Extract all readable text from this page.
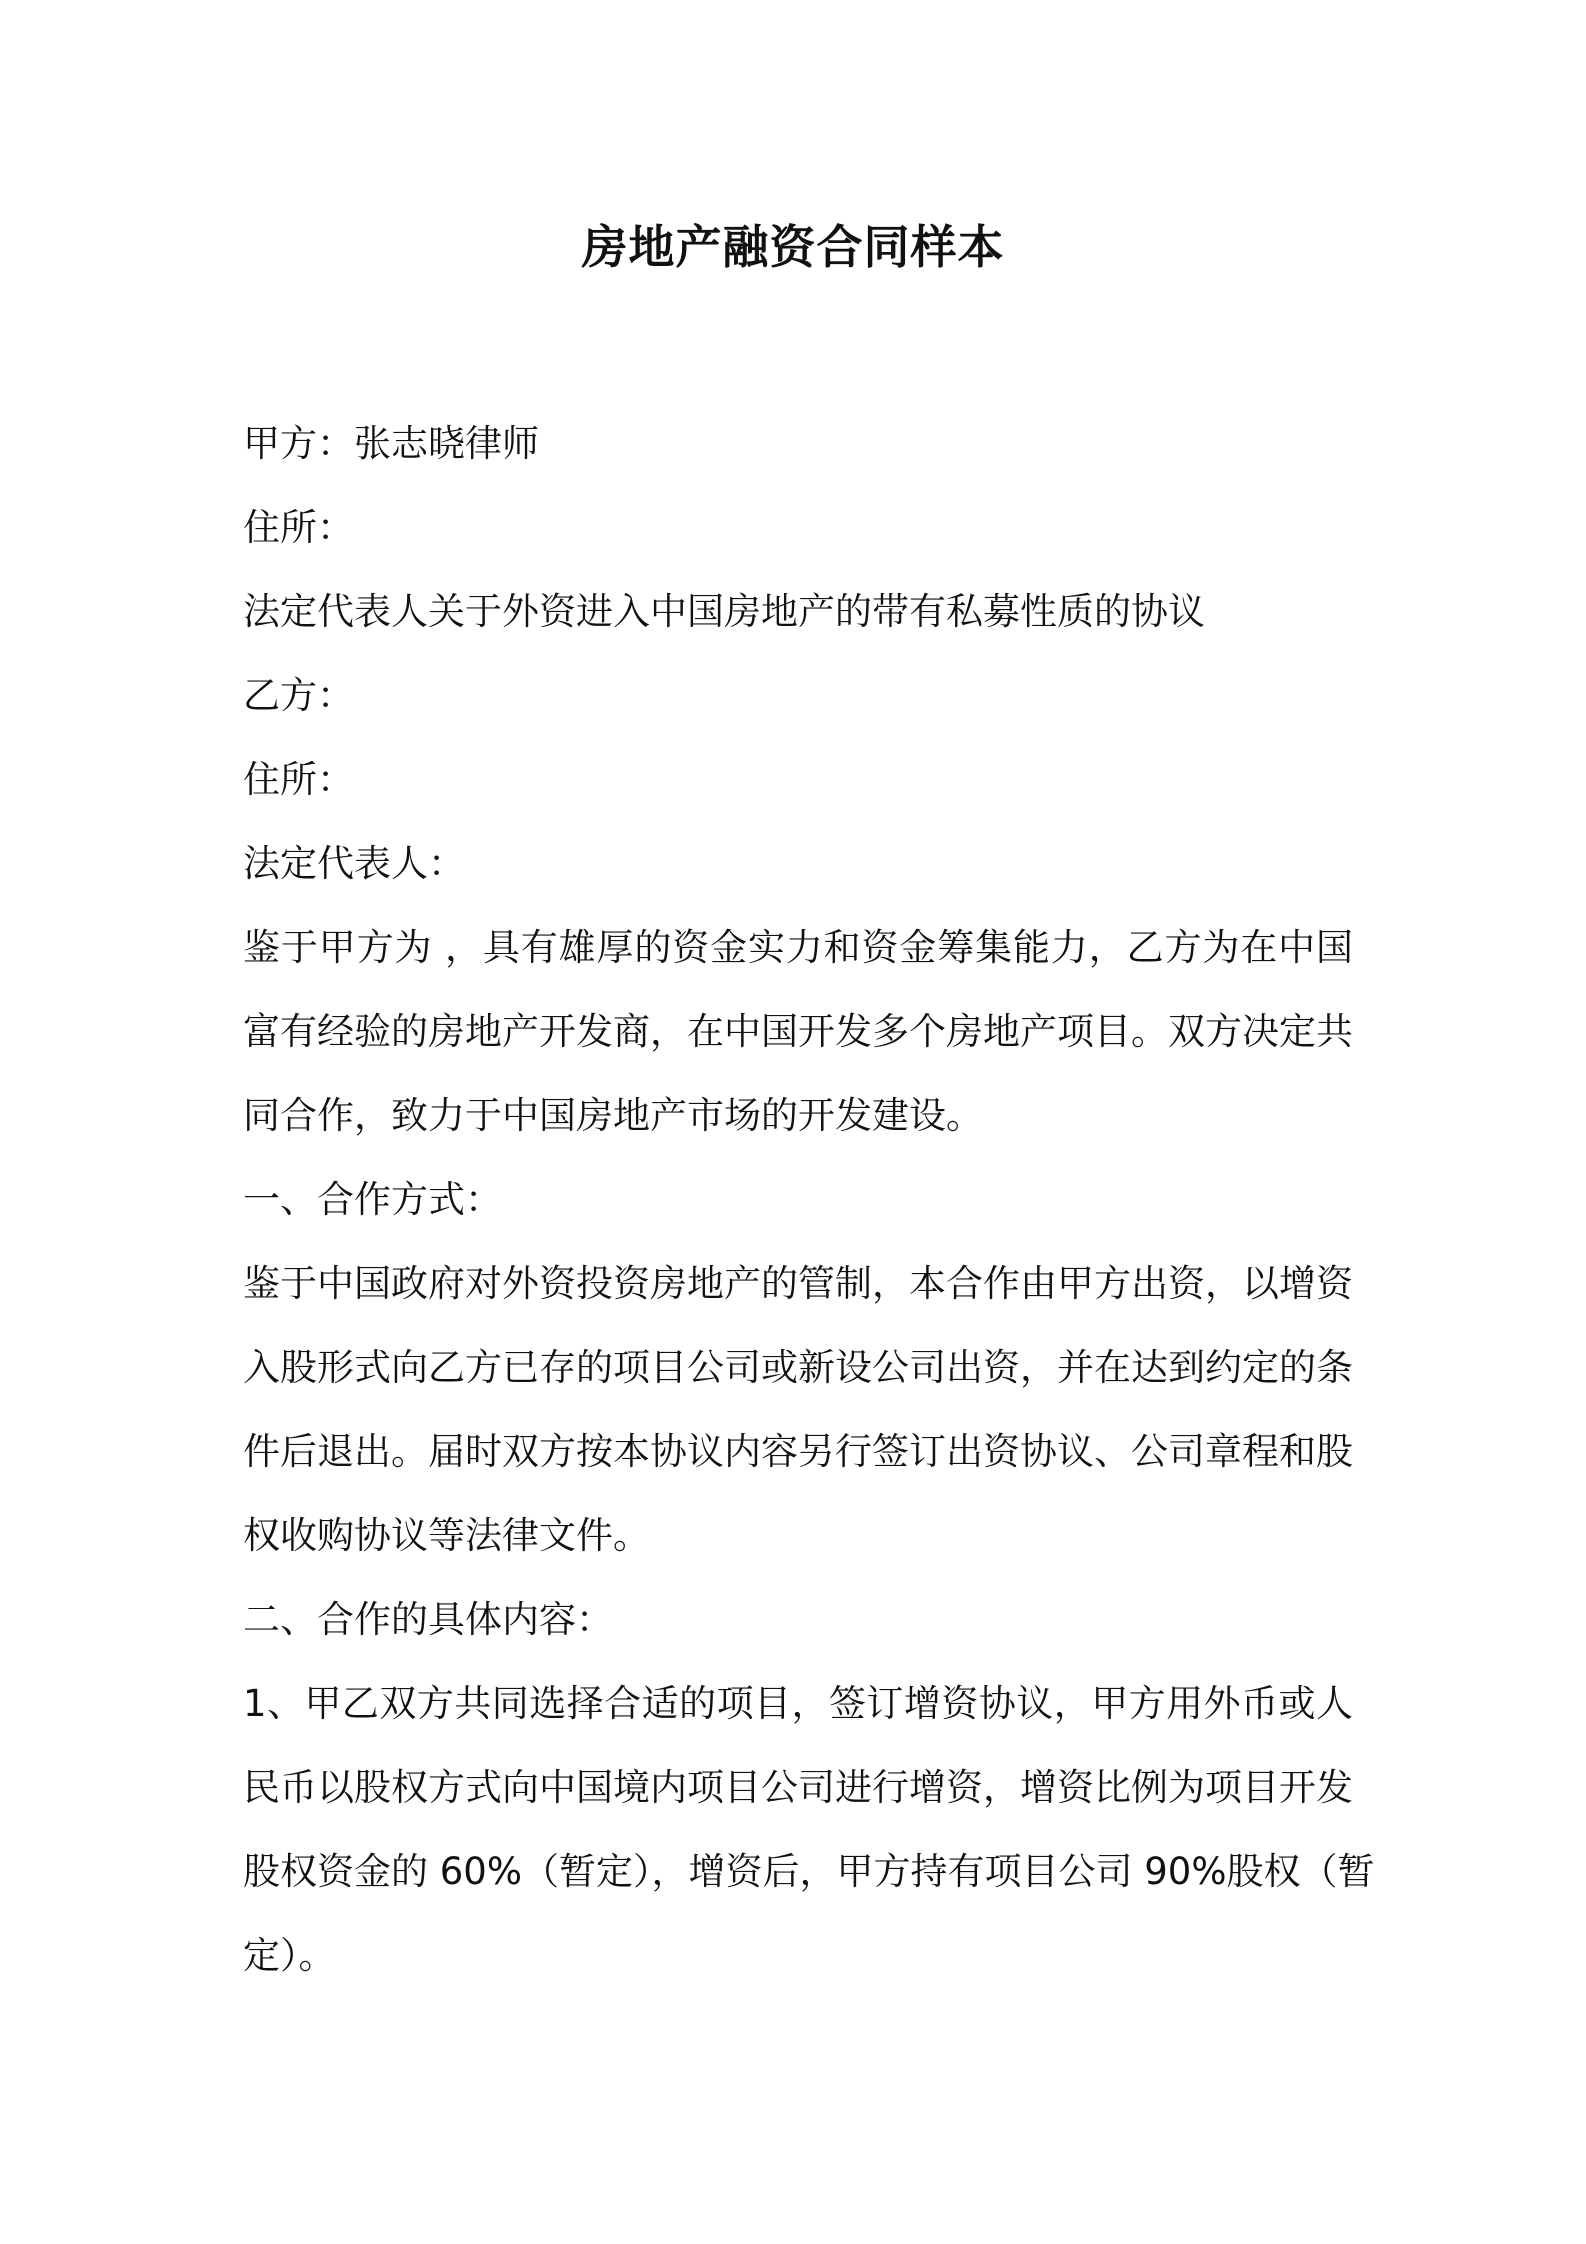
房地产融资合同样本

甲方：张志晓律师

住所：

法定代表人关于外资进入中国房地产的带有私募性质的协议

乙方：

住所：

法定代表人：

鉴于甲方为 ，具有雄厚的资金实力和资金筹集能力，乙方为在中国
富有经验的房地产开发商，在中国开发多个房地产项目。双方决定共
同合作，致力于中国房地产市场的开发建设。

一、合作方式：

鉴于中国政府对外资投资房地产的管制，本合作由甲方出资，以增资
入股形式向乙方已存的项目公司或新设公司出资，并在达到约定的条
件后退出。届时双方按本协议内容另行签订出资协议、公司章程和股
权收购协议等法律文件。

二、合作的具体内容：

1、甲乙双方共同选择合适的项目，签订增资协议，甲方用外币或人
民币以股权方式向中国境内项目公司进行增资，增资比例为项目开发
股权资金的 60%（暂定），增资后，甲方持有项目公司 90%股权（暂
定）。
